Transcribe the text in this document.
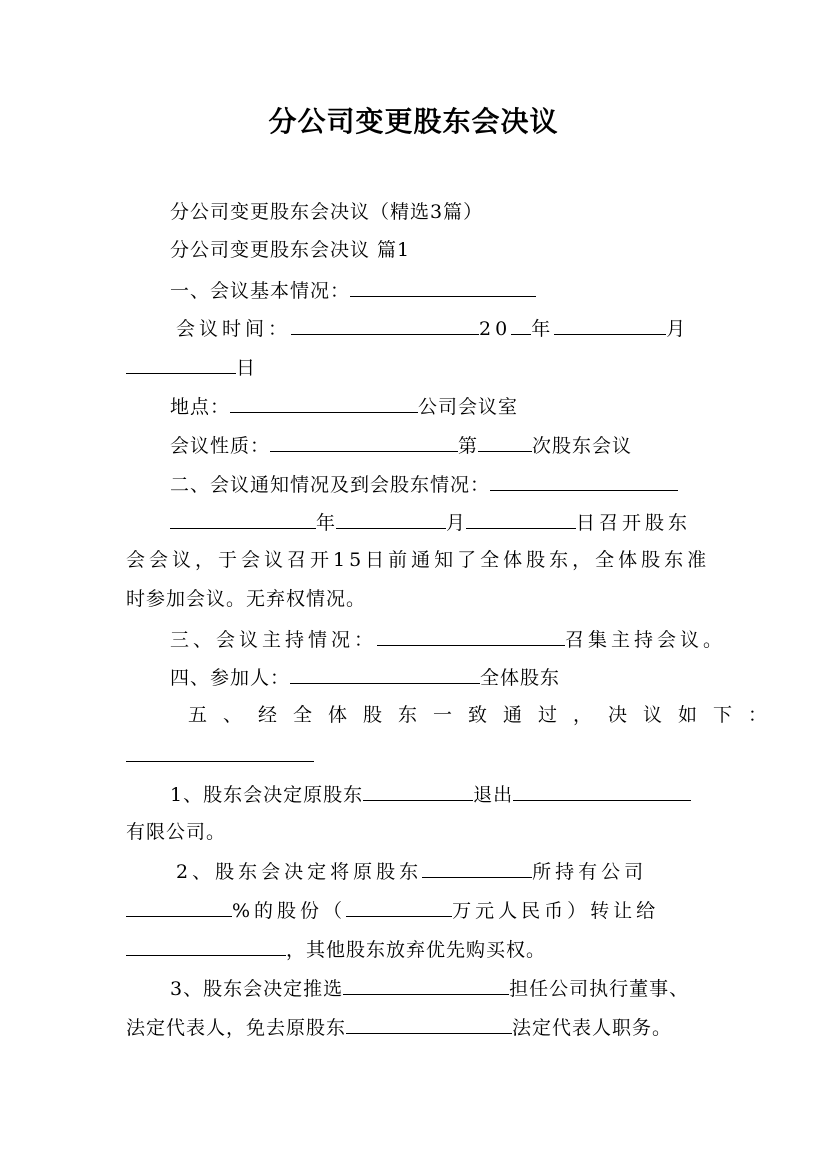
分公司变更股东会决议
分公司变更股东会决议（精选3篇）
分公司变更股东会决议 篇1
一、会议基本情况：
会议时间：	20 年	月
日
地点：	公司会议室
会议性质：	第	次股东会议
二、会议通知情况及到会股东情况：
年	月	日召开股东
会会议，于会议召开15日前通知了全体股东，全体股东准
时参加会议。无弃权情况。
三、会议主持情况：	召集主持会议。
四、参加人：	全体股东
五、经全体股东一致通过，决议如下：
1、股东会决定原股东	退出
有限公司。
2、股东会决定将原股东	所持有公司
%的股份（	万元人民币）转让给
，其他股东放弃优先购买权。
3、股东会决定推选	担任公司执行董事、
法定代表人，免去原股东	法定代表人职务。
